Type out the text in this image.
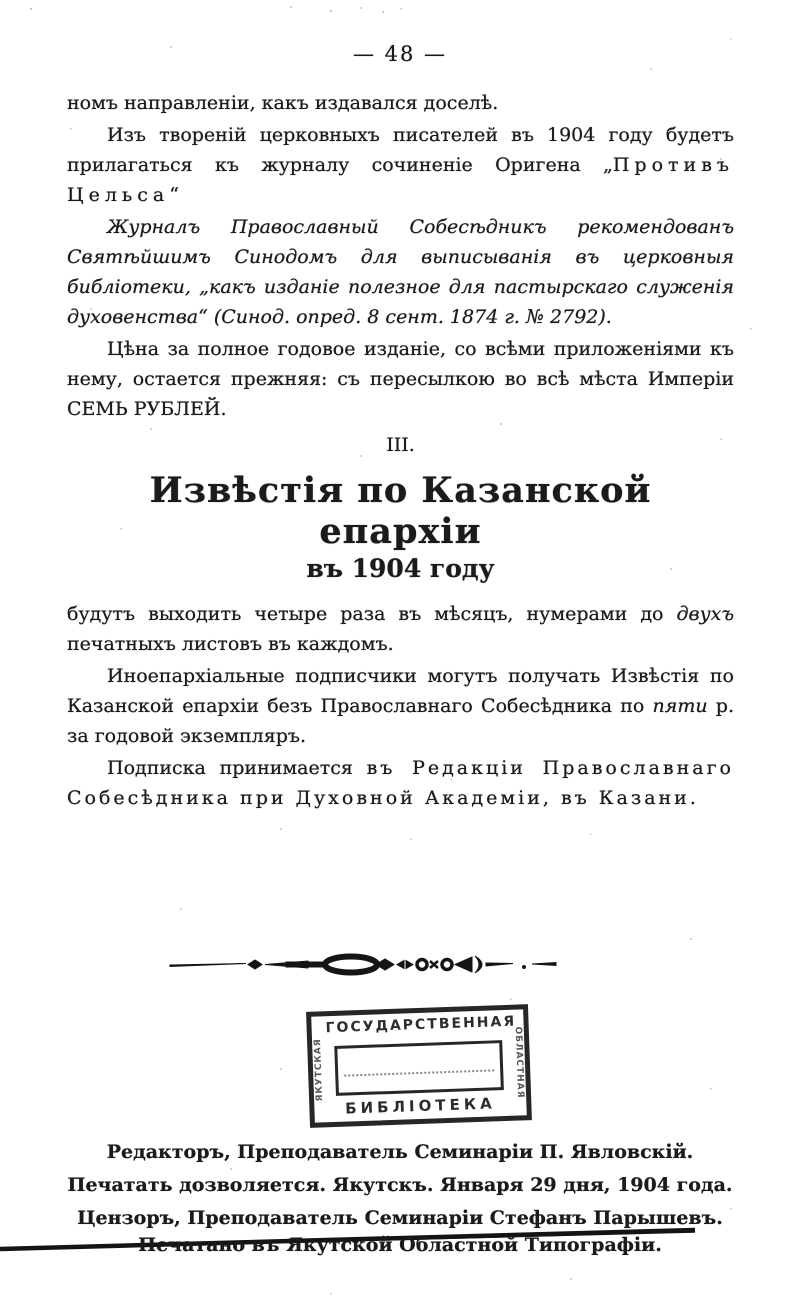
— 48 —

номъ направленіи, какъ издавался доселѣ.

Изъ твореній церковныхъ писателей въ 1904 году будетъ прилагаться къ журналу сочиненіе Оригена „Противъ Цельса“

Журналъ Православный Собесѣдникъ рекомендованъ Святѣйшимъ Синодомъ для выписыванія въ церковныя библіотеки, „какъ изданіе полезное для пастырскаго служенія духовенства“ (Синод. опред. 8 сент. 1874 г. № 2792).

Цѣна за полное годовое изданіе, со всѣми приложеніями къ нему, остается прежняя: съ пересылкою во всѣ мѣста Имперіи СЕМЬ РУБЛЕЙ.

III.

Извѣстія по Казанской епархіи
въ 1904 году

будутъ выходить четыре раза въ мѣсяцъ, нумерами до двухъ печатныхъ листовъ въ каждомъ.

Иноепархіальные подписчики могутъ получать Извѣстія по Казанской епархіи безъ Православнаго Собесѣдника по пяти р. за годовой экземпляръ.

Подписка принимается въ Редакціи Православнаго Собесѣдника при Духовной Академіи, въ Казани.

ГОСУДАРСТВЕННАЯ
ЯКУТСКАЯ	ОБЛАСТНАЯ
БИБЛІОТЕКА
Редакторъ, Преподаватель Семинаріи П. Явловскій.
Печатать дозволяется. Якутскъ. Января 29 дня, 1904 года.
Цензоръ, Преподаватель Семинаріи Стефанъ Парышевъ.
Печатано въ Якутской Областной Типографіи.
